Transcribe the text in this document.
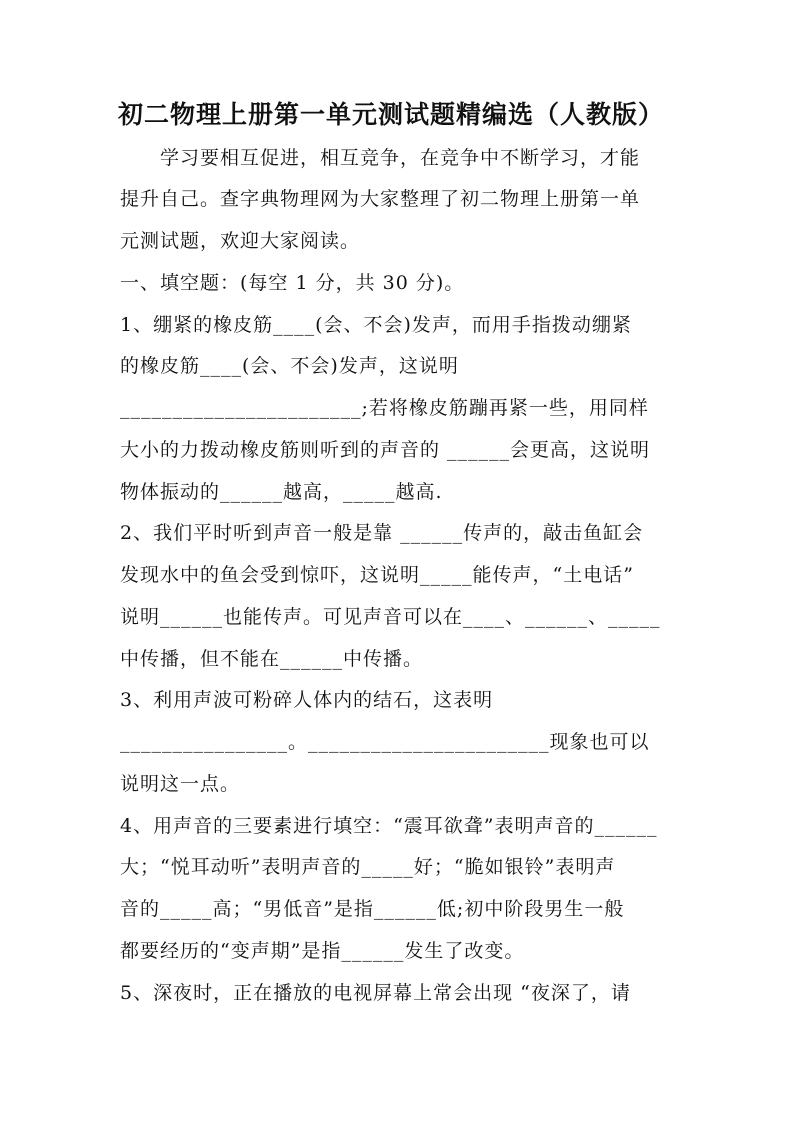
初二物理上册第一单元测试题精编选（人教版）
　　学习要相互促进，相互竞争，在竞争中不断学习，才能
提升自己。查字典物理网为大家整理了初二物理上册第一单
元测试题，欢迎大家阅读。
一、填空题：(每空 1 分，共 30 分)。
1、绷紧的橡皮筋____(会、不会)发声，而用手指拨动绷紧
的橡皮筋____(会、不会)发声，这说明
_______________________;若将橡皮筋蹦再紧一些，用同样
大小的力拨动橡皮筋则听到的声音的 ______会更高，这说明
物体振动的______越高，_____越高.
2、我们平时听到声音一般是靠 ______传声的，敲击鱼缸会
发现水中的鱼会受到惊吓，这说明_____能传声，“土电话”
说明______也能传声。可见声音可以在____、______、_____
中传播，但不能在______中传播。
3、利用声波可粉碎人体内的结石，这表明
________________。_______________________现象也可以
说明这一点。
4、用声音的三要素进行填空：“震耳欲聋”表明声音的______
大；“悦耳动听”表明声音的_____好；“脆如银铃”表明声
音的_____高；“男低音”是指______低;初中阶段男生一般
都要经历的“变声期”是指______发生了改变。
5、深夜时，正在播放的电视屏幕上常会出现 “夜深了，请
